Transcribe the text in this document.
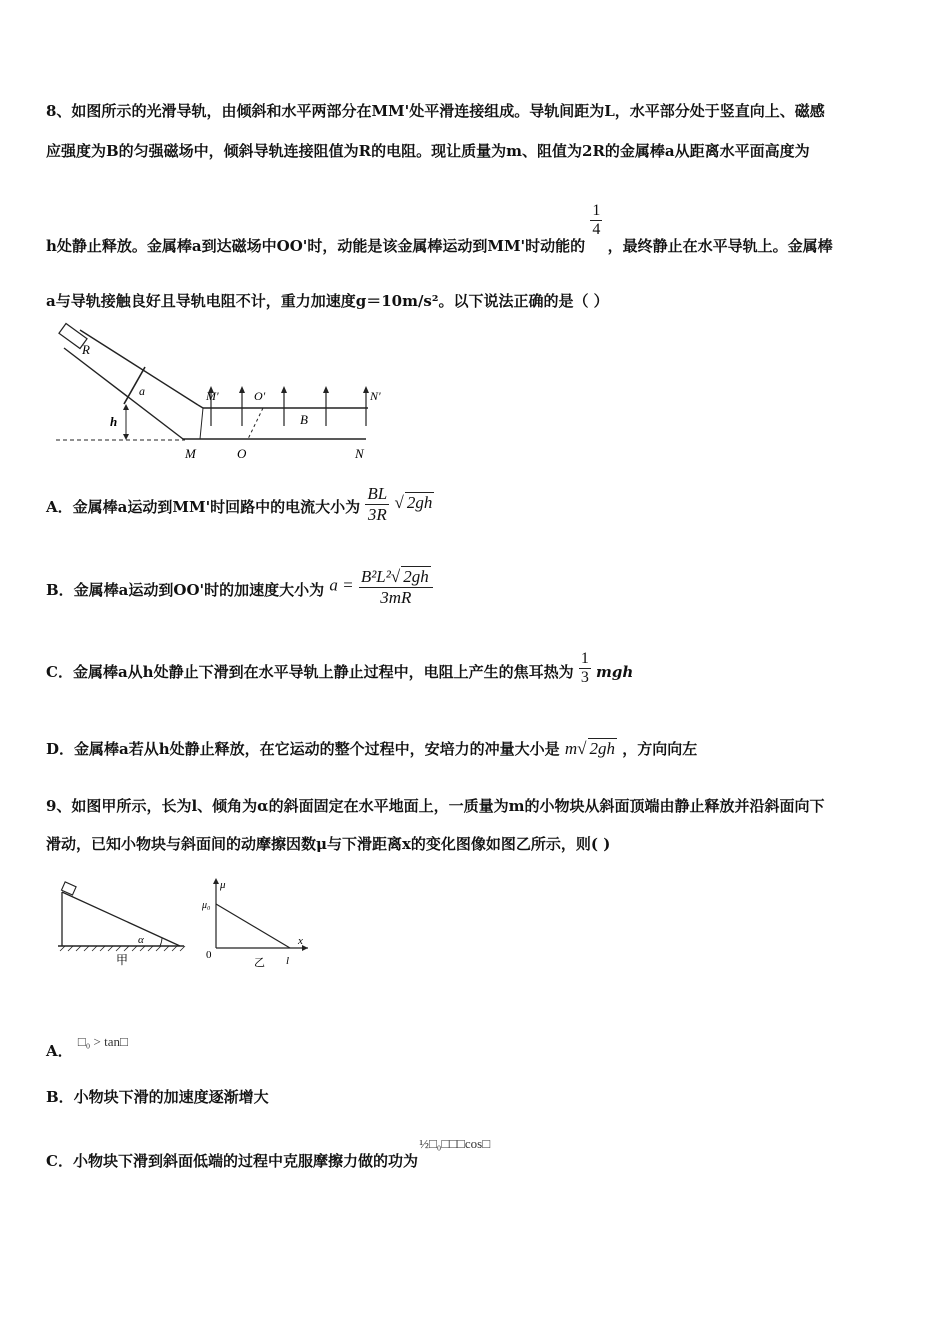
8、如图所示的光滑导轨，由倾斜和水平两部分在MM'处平滑连接组成。导轨间距为L，水平部分处于竖直向上、磁感
应强度为B的匀强磁场中，倾斜导轨连接阻值为R的电阻。现让质量为m、阻值为2R的金属棒a从距离水平面高度为
h处静止释放。金属棒a到达磁场中OO'时，动能是该金属棒运动到MM'时动能的
$\frac{1}{4}$
，最终静止在水平导轨上。金属棒
a与导轨接触良好且导轨电阻不计，重力加速度g＝10m/s²。以下说法正确的是（ ）
R
a
h
M'	O'
B
N'
M	O	N
A．金属棒a运动到MM'时回路中的电流大小为 $\frac{BL}{3R}$ √ 2gh
B．金属棒a运动到OO'时的加速度大小为 $a = \frac{\text{B²L²√ 2gh}}{3mR}$
C．金属棒a从h处静止下滑到在水平导轨上静止过程中，电阻上产生的焦耳热为 $\frac{1}{3}$ mgh
D．金属棒a若从h处静止释放，在它运动的整个过程中，安培力的冲量大小是 m√ 2gh ，方向向左
9、如图甲所示，长为l、倾角为α的斜面固定在水平地面上，一质量为m的小物块从斜面顶端由静止释放并沿斜面向下
滑动，已知小物块与斜面间的动摩擦因数μ与下滑距离x的变化图像如图乙所示，则( )
α
甲
μ
μ₀
0
x
乙 l
A． □₀ > tan□
B．小物块下滑的加速度逐渐增大
C．小物块下滑到斜面低端的过程中克服摩擦力做的功为 ½□₀□□□cos□
